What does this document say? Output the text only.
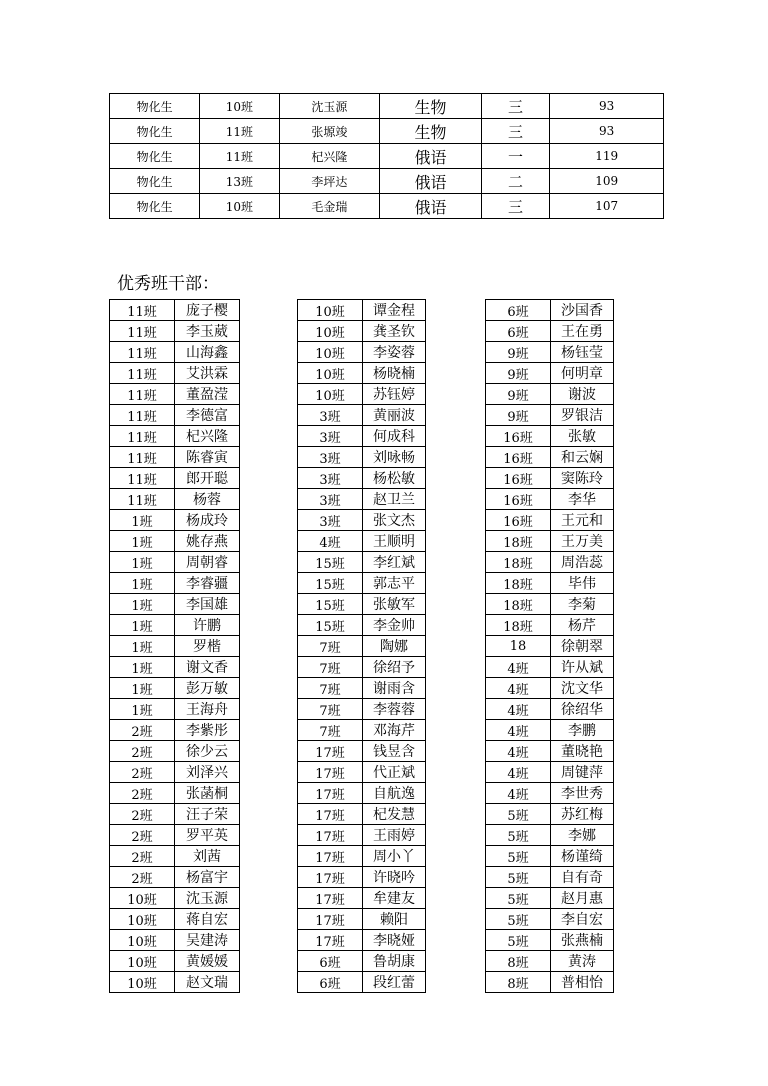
物化生	10班	沈玉源	生物	三	93
物化生	11班	张塬竣	生物	三	93
物化生	11班	杞兴隆	俄语	一	119
物化生	13班	李坪达	俄语	二	109
物化生	10班	毛金瑞	俄语	三	107
优秀班干部：
11班	庞子樱
11班	李玉葳
11班	山海鑫
11班	艾洪霖
11班	董盈滢
11班	李德富
11班	杞兴隆
11班	陈睿寅
11班	郎开聪
11班	杨蓉
1班	杨成玲
1班	姚存燕
1班	周朝睿
1班	李睿疆
1班	李国雄
1班	许鹏
1班	罗楷
1班	谢文香
1班	彭万敏
1班	王海舟
2班	李紫彤
2班	徐少云
2班	刘泽兴
2班	张菡桐
2班	汪子荣
2班	罗平英
2班	刘茜
2班	杨富宇
10班	沈玉源
10班	蒋自宏
10班	吴建涛
10班	黄媛媛
10班	赵文瑞
10班	谭金程
10班	龚圣钦
10班	李姿蓉
10班	杨晓楠
10班	苏钰婷
3班	黄丽波
3班	何成科
3班	刘咏畅
3班	杨松敏
3班	赵卫兰
3班	张文杰
4班	王顺明
15班	李红斌
15班	郭志平
15班	张敏军
15班	李金帅
7班	陶娜
7班	徐绍予
7班	谢雨含
7班	李蓉蓉
7班	邓海芹
17班	钱昱含
17班	代正斌
17班	自航逸
17班	杞发慧
17班	王雨婷
17班	周小丫
17班	许晓吟
17班	牟建友
17班	赖阳
17班	李晓娅
6班	鲁胡康
6班	段红蕾
6班	沙国香
6班	王在勇
9班	杨钰莹
9班	何明章
9班	谢波
9班	罗银洁
16班	张敏
16班	和云娴
16班	窦陈玲
16班	李华
16班	王元和
18班	王万美
18班	周浩蕊
18班	毕伟
18班	李菊
18班	杨芹
18	徐朝翠
4班	许从斌
4班	沈文华
4班	徐绍华
4班	李鹏
4班	董晓艳
4班	周键萍
4班	李世秀
5班	苏红梅
5班	李娜
5班	杨谨绮
5班	自有奇
5班	赵月惠
5班	李自宏
5班	张燕楠
8班	黄涛
8班	普相怡
